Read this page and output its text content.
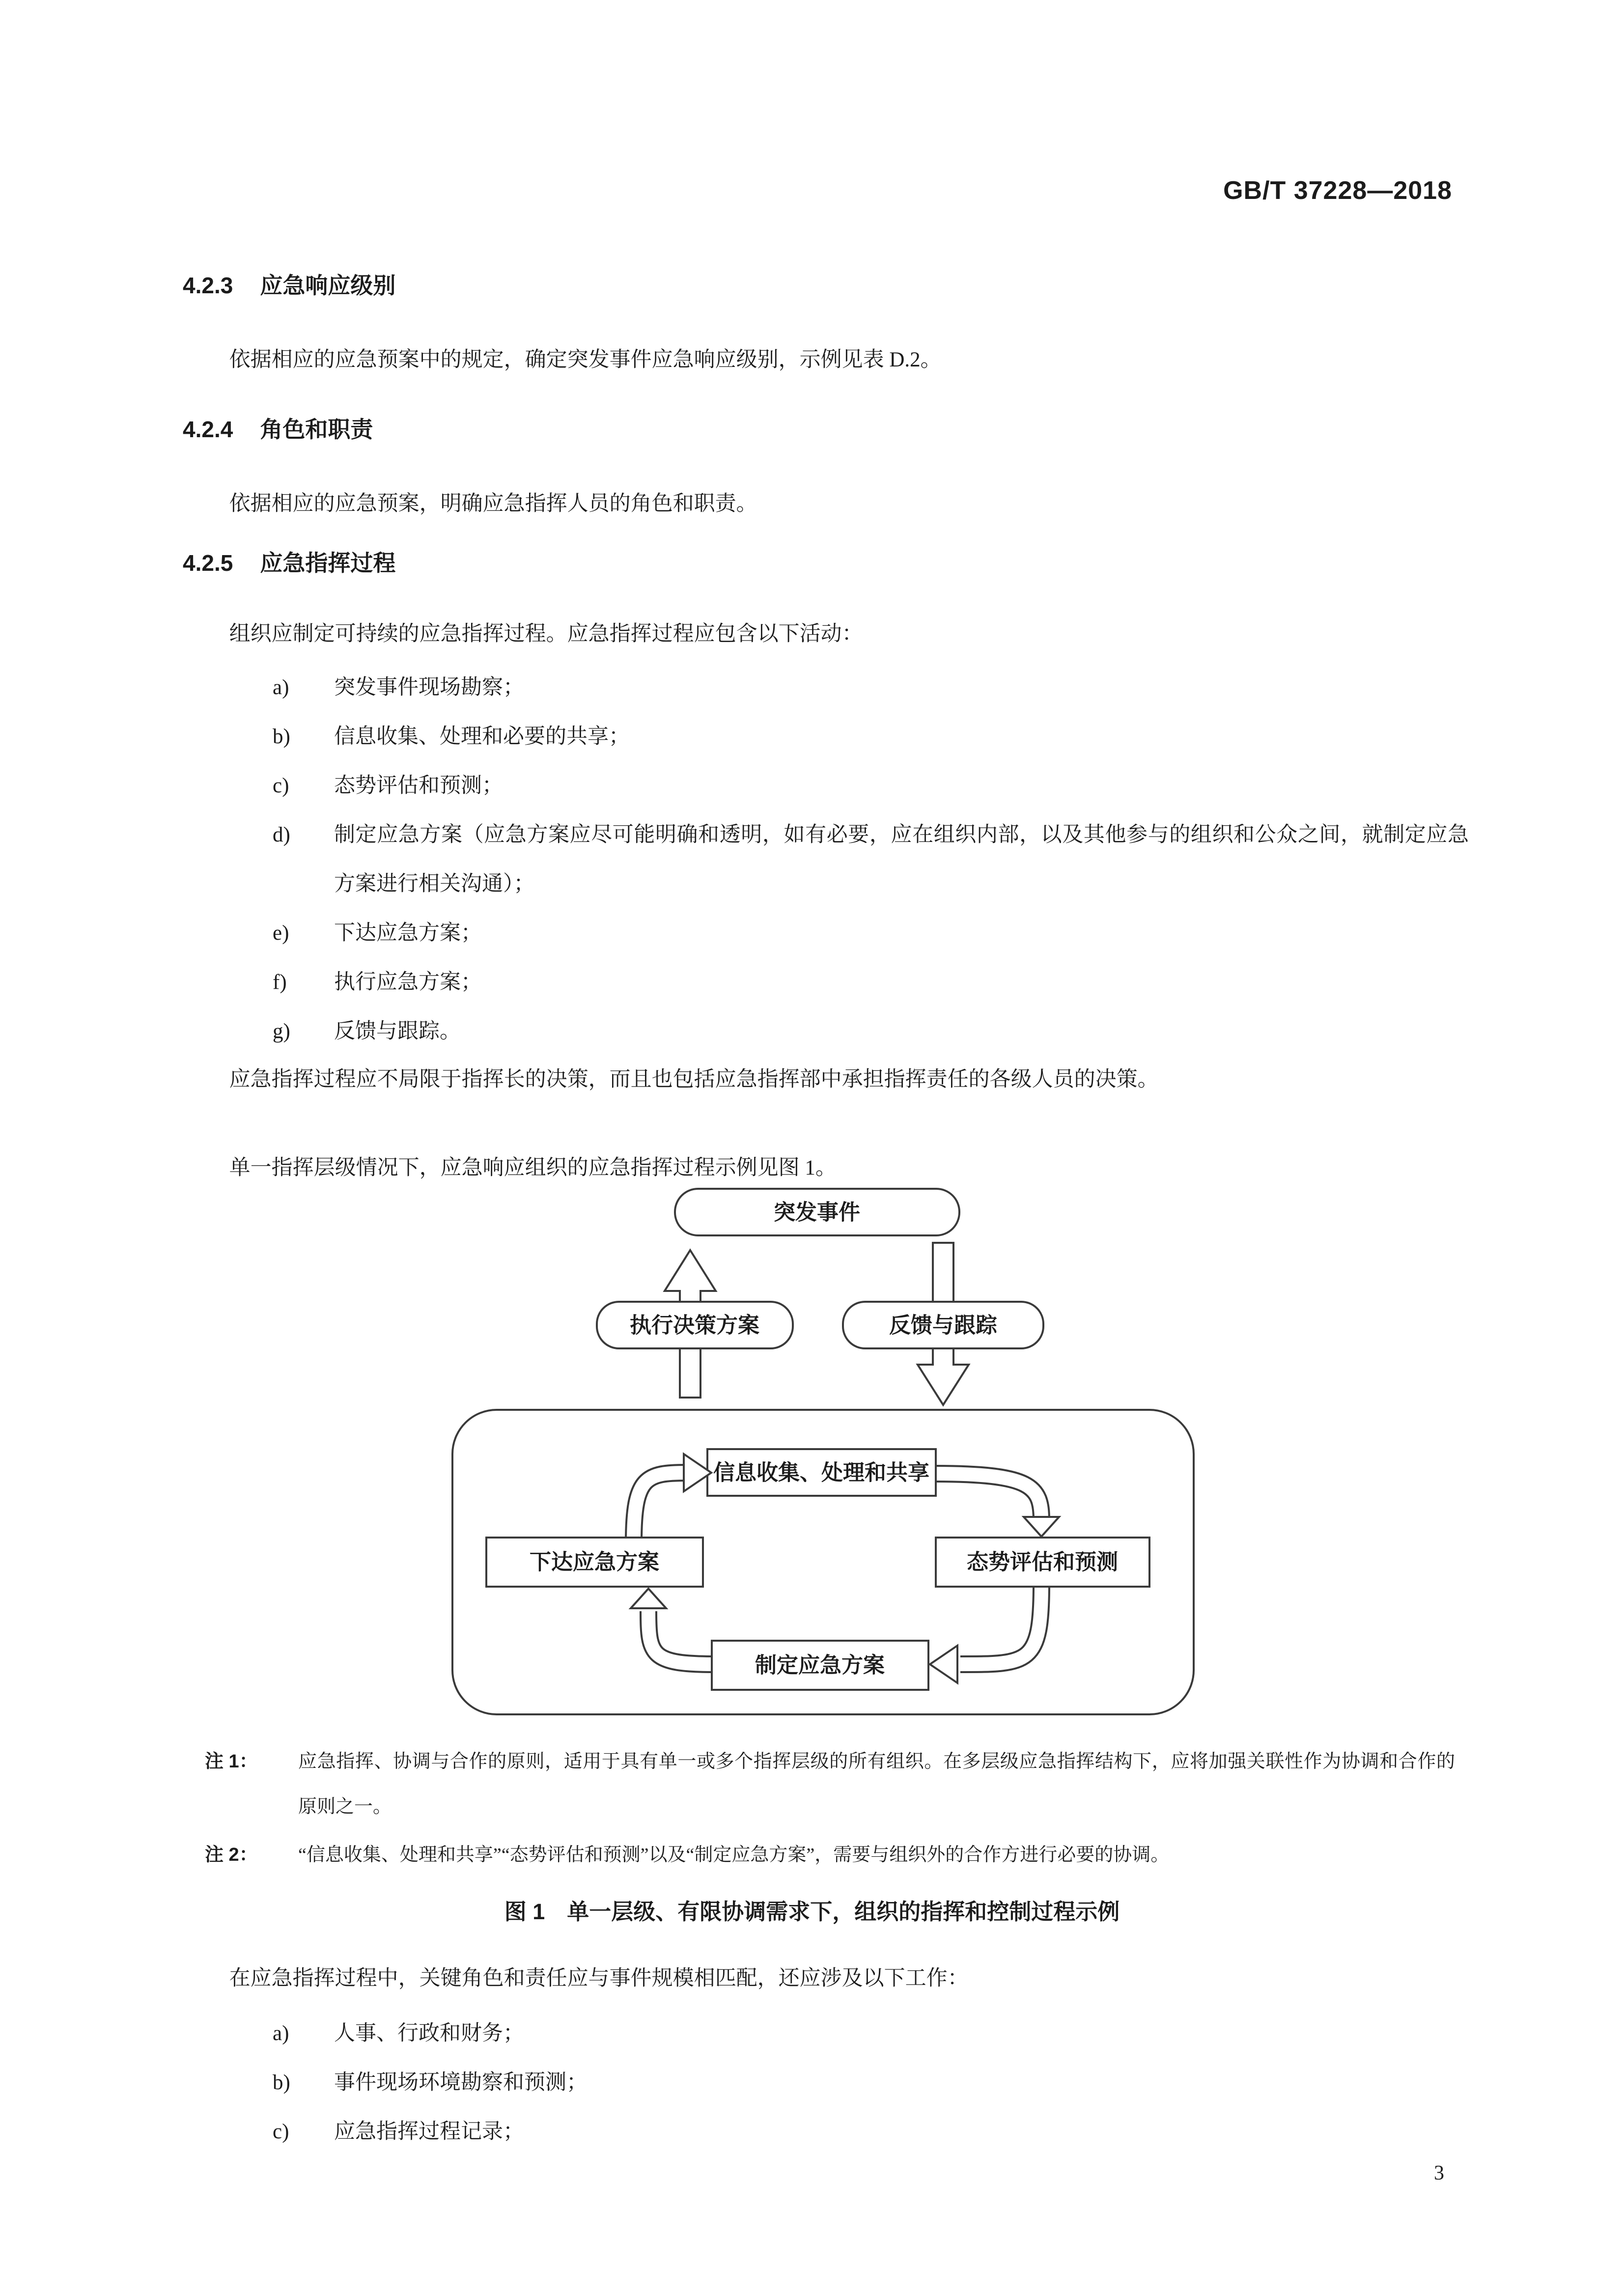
GB/T 37228—2018
4.2.3 应急响应级别
依据相应的应急预案中的规定，确定突发事件应急响应级别，示例见表 D.2。
4.2.4 角色和职责
依据相应的应急预案，明确应急指挥人员的角色和职责。
4.2.5 应急指挥过程
组织应制定可持续的应急指挥过程。应急指挥过程应包含以下活动：
a)	突发事件现场勘察；
b)	信息收集、处理和必要的共享；
c)	态势评估和预测；
d)	制定应急方案（应急方案应尽可能明确和透明，如有必要，应在组织内部，以及其他参与的组织和公众之间，就制定应急方案进行相关沟通）；
e)	下达应急方案；
f)	执行应急方案；
g)	反馈与跟踪。
应急指挥过程应不局限于指挥长的决策，而且也包括应急指挥部中承担指挥责任的各级人员的决策。
单一指挥层级情况下，应急响应组织的应急指挥过程示例见图 1。
突发事件
执行决策方案	反馈与跟踪
信息收集、处理和共享
下达应急方案	态势评估和预测
制定应急方案
注 1： 应急指挥、协调与合作的原则，适用于具有单一或多个指挥层级的所有组织。在多层级应急指挥结构下，应将加强关联性作为协调和合作的原则之一。
注 2： “信息收集、处理和共享”“态势评估和预测”以及“制定应急方案”，需要与组织外的合作方进行必要的协调。
图 1　单一层级、有限协调需求下，组织的指挥和控制过程示例
在应急指挥过程中，关键角色和责任应与事件规模相匹配，还应涉及以下工作：
a)	人事、行政和财务；
b)	事件现场环境勘察和预测；
c)	应急指挥过程记录；
3
